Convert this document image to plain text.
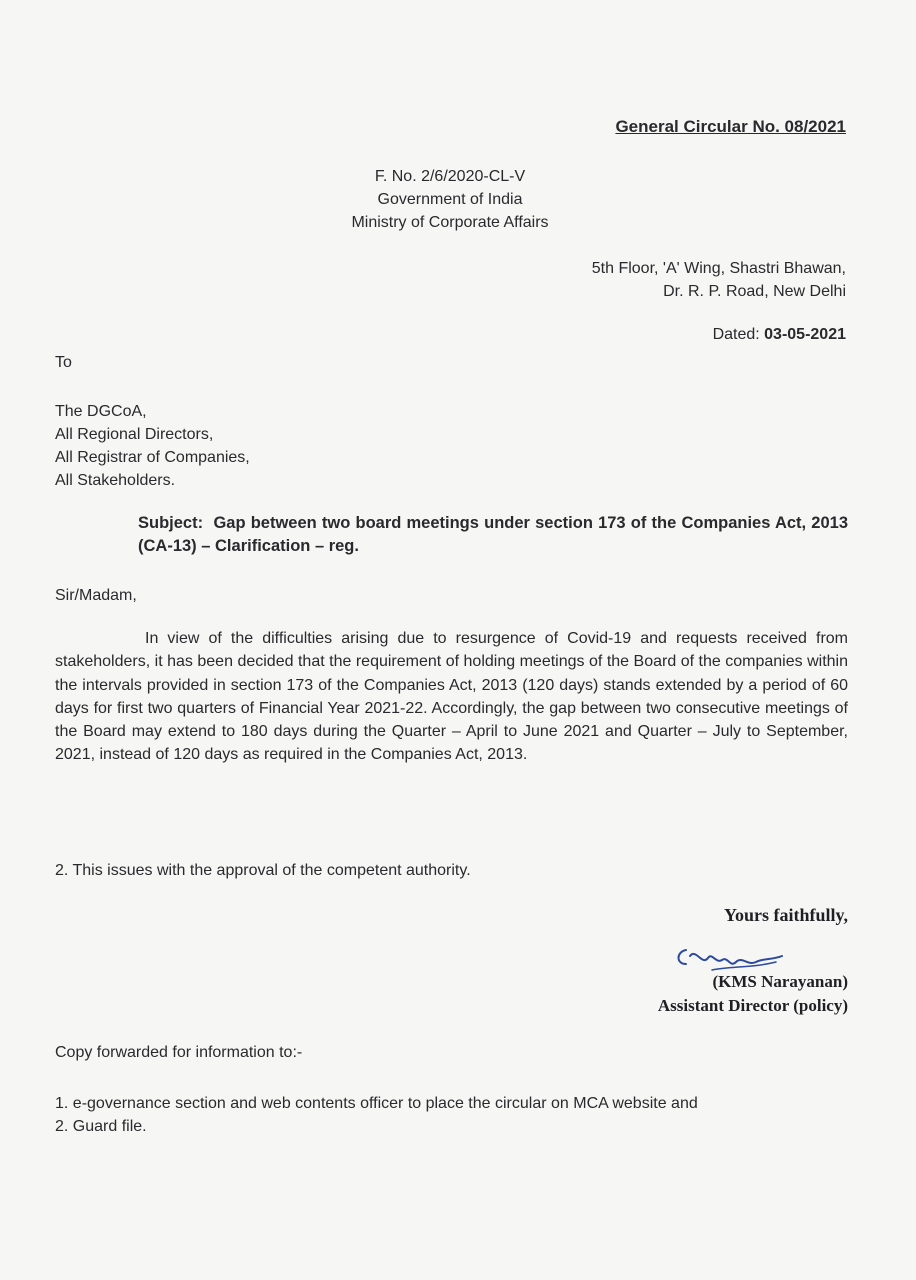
General Circular No. 08/2021
F. No. 2/6/2020-CL-V
Government of India
Ministry of Corporate Affairs
5th Floor, 'A' Wing, Shastri Bhawan,
Dr. R. P. Road, New Delhi
Dated: 03-05-2021
To
The DGCoA,
All Regional Directors,
All Registrar of Companies,
All Stakeholders.
Subject: Gap between two board meetings under section 173 of the Companies Act, 2013 (CA-13) – Clarification – reg.
Sir/Madam,

In view of the difficulties arising due to resurgence of Covid-19 and requests received from stakeholders, it has been decided that the requirement of holding meetings of the Board of the companies within the intervals provided in section 173 of the Companies Act, 2013 (120 days) stands extended by a period of 60 days for first two quarters of Financial Year 2021-22. Accordingly, the gap between two consecutive meetings of the Board may extend to 180 days during the Quarter – April to June 2021 and Quarter – July to September, 2021, instead of 120 days as required in the Companies Act, 2013.

2. This issues with the approval of the competent authority.
Yours faithfully,
(KMS Narayanan)
Assistant Director (policy)
Copy forwarded for information to:-
1. e-governance section and web contents officer to place the circular on MCA website and
2. Guard file.
